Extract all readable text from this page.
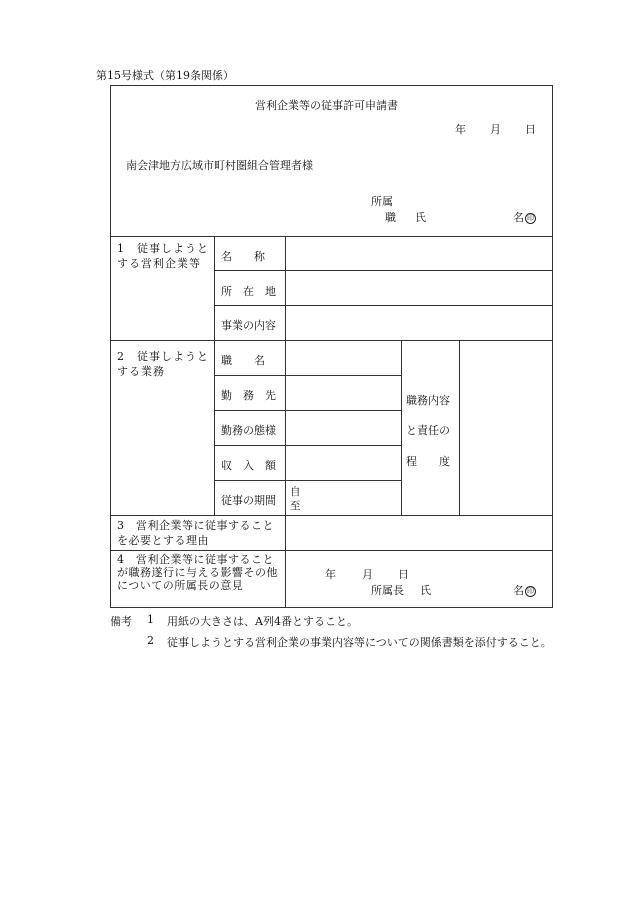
第15号様式（第19条関係）
営利企業等の従事許可申請書
年 月 日
南会津地方広域市町村圏組合管理者様
所属
職 氏	名 印
1　従事しようとする営利企業等
名　　称
所　在　地
事業の内容
2　従事しようとする業務
職　　名
勤　務　先
勤務の態様
収　入　額
従事の期間
自
至
職務内容
と責任の
程　　度
3　営利企業等に従事することを必要とする理由
4　営利企業等に従事することが職務遂行に与える影響その他についての所属長の意見
年 月 日
所属長 氏	名 印
備考 1 用紙の大きさは、A列4番とすること。
2 従事しようとする営利企業の事業内容等についての関係書類を添付すること。
